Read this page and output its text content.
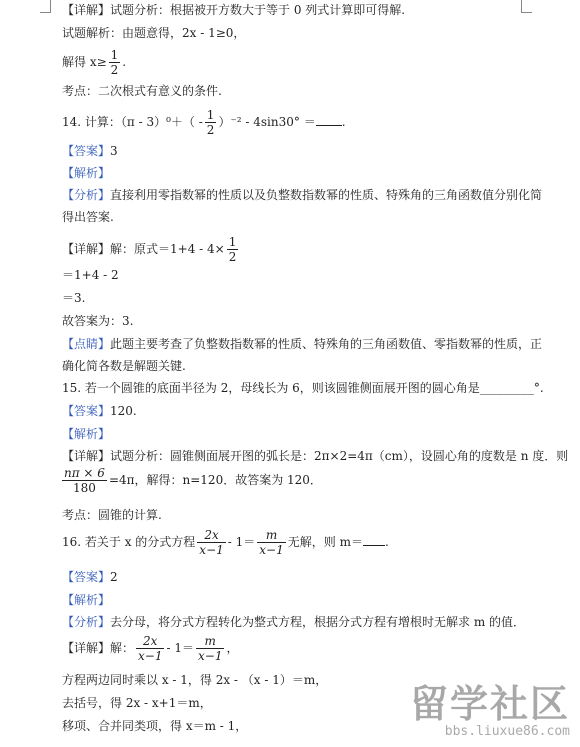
【详解】试题分析：根据被开方数大于等于 0 列式计算即可得解.
试题解析：由题意得，2x - 1≥0，
解得 $x\ge \frac{1}{2}$ .
考点：二次根式有意义的条件.
14. 计算：$(\pi - 3)^0+( - \frac{1}{2} )^{-2} - 4\sin 30^\circ$ ＝ .
【答案】3
【解析】
【分析】直接利用零指数幂的性质以及负整数指数幂的性质、特殊角的三角函数值分别化简
得出答案.
【详解】解：原式$=1+4 - 4\times \frac{1}{2}$
＝1+4 - 2
＝3.
故答案为：3.
【点睛】此题主要考查了负整数指数幂的性质、特殊角的三角函数值、零指数幂的性质，正
确化简各数是解题关键.
15. 若一个圆锥的底面半径为 2，母线长为 6，则该圆锥侧面展开图的圆心角是_________°.
【答案】120.
【解析】
【详解】试题分析：圆锥侧面展开图的弧长是：2π×2=4π（cm），设圆心角的度数是 n 度．则
$\frac{n\pi \times 6}{180} =4\pi$，解得：n=120．故答案为 120．
考点：圆锥的计算.
16. 若关于 x 的分式方程 $\frac{2x}{x-1} - 1= \frac{m}{x-1}$ 无解，则 m＝ .
【答案】2
【解析】
【分析】去分母，将分式方程转化为整式方程，根据分式方程有增根时无解求 m 的值．
【详解】解： $\frac{2x}{x-1} - 1= \frac{m}{x-1}$ ，
方程两边同时乘以 x - 1，得 2x - （x - 1）＝m，
去括号，得 2x - x+1＝m，
移项、合并同类项，得 x＝m - 1，	留学社区
bbs.liuxue86.com
